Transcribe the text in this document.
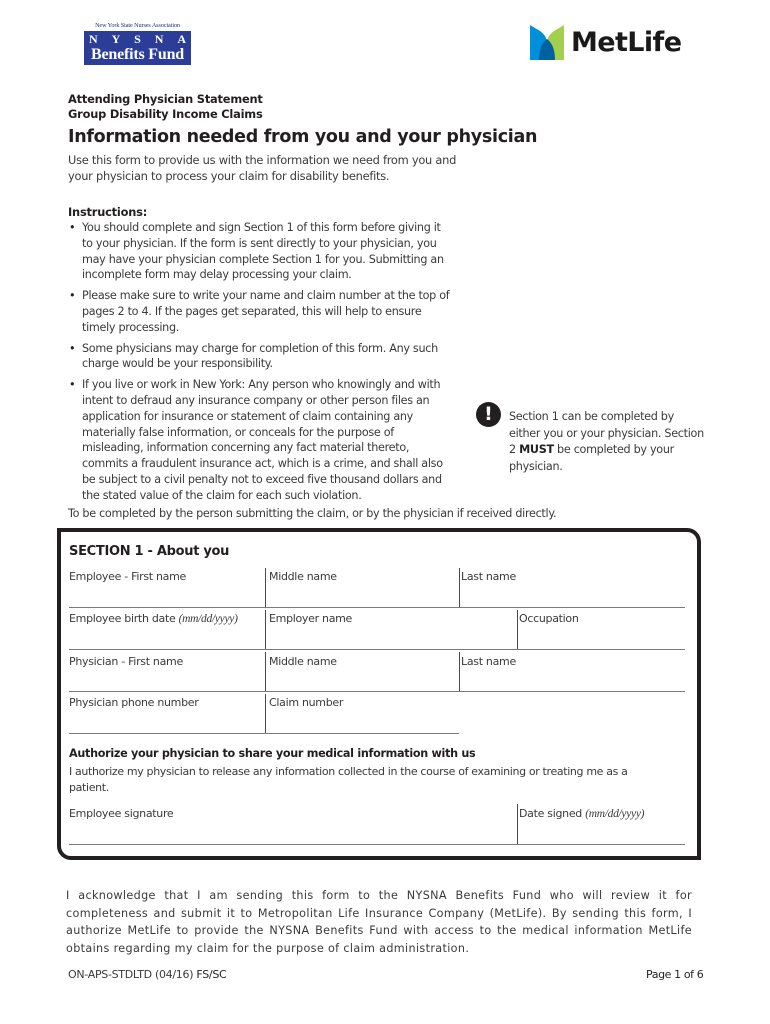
New York State Nurses Association
N Y S N A
Benefits Fund	MetLife
Attending Physician Statement
Group Disability Income Claims
Information needed from you and your physician
Use this form to provide us with the information we need from you and your physician to process your claim for disability benefits.
Instructions:
• You should complete and sign Section 1 of this form before giving it to your physician. If the form is sent directly to your physician, you may have your physician complete Section 1 for you. Submitting an incomplete form may delay processing your claim.
• Please make sure to write your name and claim number at the top of pages 2 to 4. If the pages get separated, this will help to ensure timely processing.
• Some physicians may charge for completion of this form. Any such charge would be your responsibility.
• If you live or work in New York: Any person who knowingly and with intent to defraud any insurance company or other person files an application for insurance or statement of claim containing any materially false information, or conceals for the purpose of misleading, information concerning any fact material thereto, commits a fraudulent insurance act, which is a crime, and shall also be subject to a civil penalty not to exceed five thousand dollars and the stated value of the claim for each such violation.
!	Section 1 can be completed by either you or your physician. Section 2 MUST be completed by your physician.
To be completed by the person submitting the claim, or by the physician if received directly.
SECTION 1 - About you
Employee - First name	Middle name	Last name
Employee birth date (mm/dd/yyyy)	Employer name	Occupation
Physician - First name	Middle name	Last name
Physician phone number	Claim number
Authorize your physician to share your medical information with us
I authorize my physician to release any information collected in the course of examining or treating me as a patient.
Employee signature	Date signed (mm/dd/yyyy)
I acknowledge that I am sending this form to the NYSNA Benefits Fund who will review it for completeness and submit it to Metropolitan Life Insurance Company (MetLife). By sending this form, I authorize MetLife to provide the NYSNA Benefits Fund with access to the medical information MetLife obtains regarding my claim for the purpose of claim administration.
ON-APS-STDLTD (04/16) FS/SC	Page 1 of 6
